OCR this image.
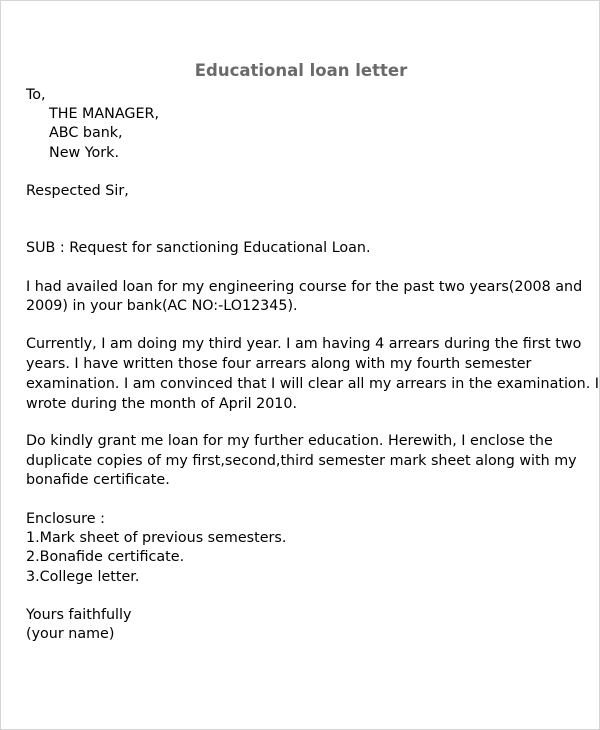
Educational loan letter
To,
THE MANAGER,
ABC bank,
New York.
Respected Sir,
SUB : Request for sanctioning Educational Loan.
I had availed loan for my engineering course for the past two years(2008 and
2009) in your bank(AC NO:-LO12345).
Currently, I am doing my third year. I am having 4 arrears during the first two
years. I have written those four arrears along with my fourth semester
examination. I am convinced that I will clear all my arrears in the examination. I
wrote during the month of April 2010.
Do kindly grant me loan for my further education. Herewith, I enclose the
duplicate copies of my first,second,third semester mark sheet along with my
bonafide certificate.
Enclosure :
1.Mark sheet of previous semesters.
2.Bonafide certificate.
3.College letter.
Yours faithfully
(your name)
